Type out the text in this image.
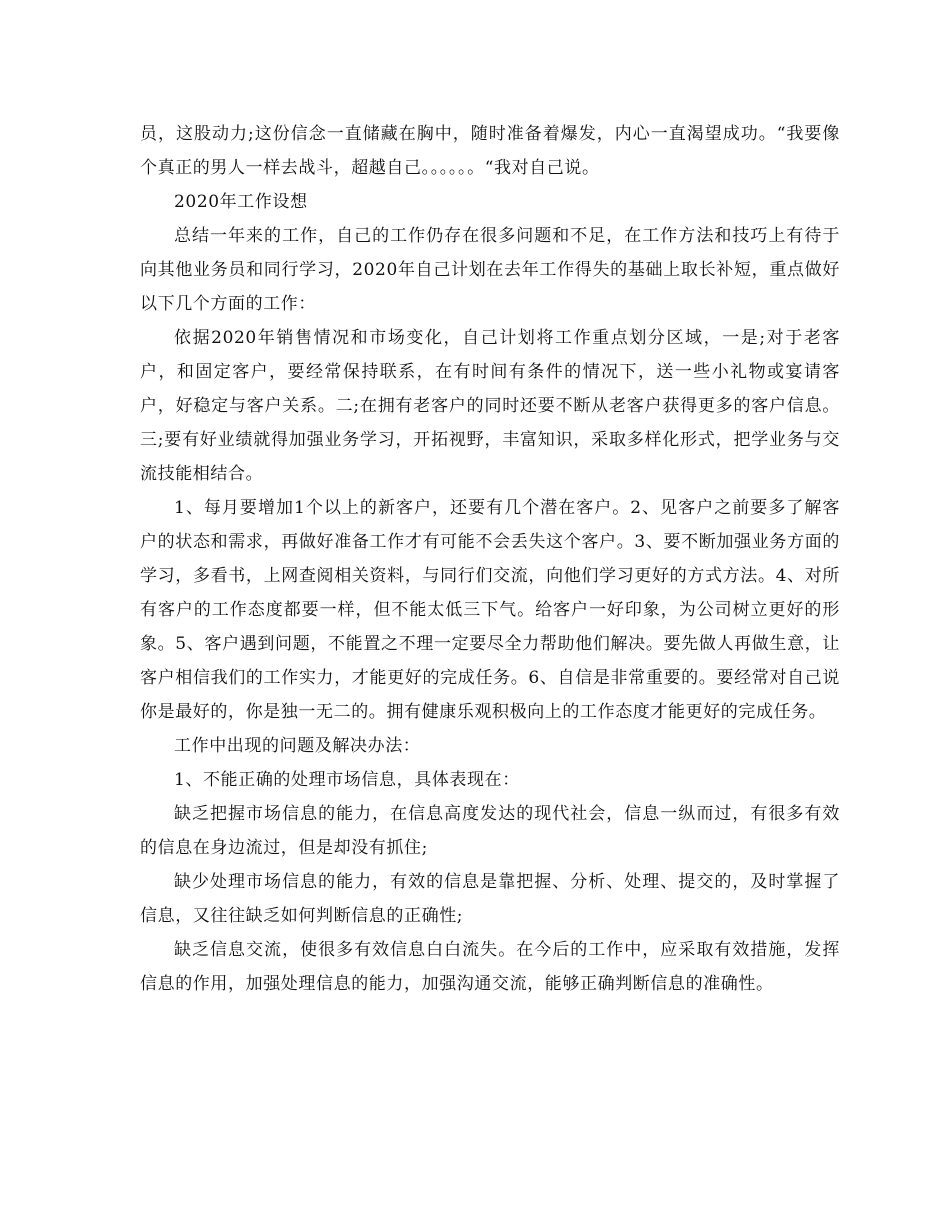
员，这股动力;这份信念一直储藏在胸中，随时准备着爆发，内心一直渴望成功。“我要像个真正的男人一样去战斗，超越自己。。。。。。“我对自己说。

2020年工作设想

总结一年来的工作，自己的工作仍存在很多问题和不足，在工作方法和技巧上有待于向其他业务员和同行学习，2020年自己计划在去年工作得失的基础上取长补短，重点做好以下几个方面的工作：

依据2020年销售情况和市场变化，自己计划将工作重点划分区域，一是;对于老客户，和固定客户，要经常保持联系，在有时间有条件的情况下，送一些小礼物或宴请客户，好稳定与客户关系。二;在拥有老客户的同时还要不断从老客户获得更多的客户信息。三;要有好业绩就得加强业务学习，开拓视野，丰富知识，采取多样化形式，把学业务与交流技能相结合。

1、每月要增加1个以上的新客户，还要有几个潜在客户。2、见客户之前要多了解客户的状态和需求，再做好准备工作才有可能不会丢失这个客户。3、要不断加强业务方面的学习，多看书，上网查阅相关资料，与同行们交流，向他们学习更好的方式方法。4、对所有客户的工作态度都要一样，但不能太低三下气。给客户一好印象，为公司树立更好的形象。5、客户遇到问题，不能置之不理一定要尽全力帮助他们解决。要先做人再做生意，让客户相信我们的工作实力，才能更好的完成任务。6、自信是非常重要的。要经常对自己说你是最好的，你是独一无二的。拥有健康乐观积极向上的工作态度才能更好的完成任务。

工作中出现的问题及解决办法：

1、不能正确的处理市场信息，具体表现在：

缺乏把握市场信息的能力，在信息高度发达的现代社会，信息一纵而过，有很多有效的信息在身边流过，但是却没有抓住;

缺少处理市场信息的能力，有效的信息是靠把握、分析、处理、提交的，及时掌握了信息，又往往缺乏如何判断信息的正确性;

缺乏信息交流，使很多有效信息白白流失。在今后的工作中，应采取有效措施，发挥信息的作用，加强处理信息的能力，加强沟通交流，能够正确判断信息的准确性。
